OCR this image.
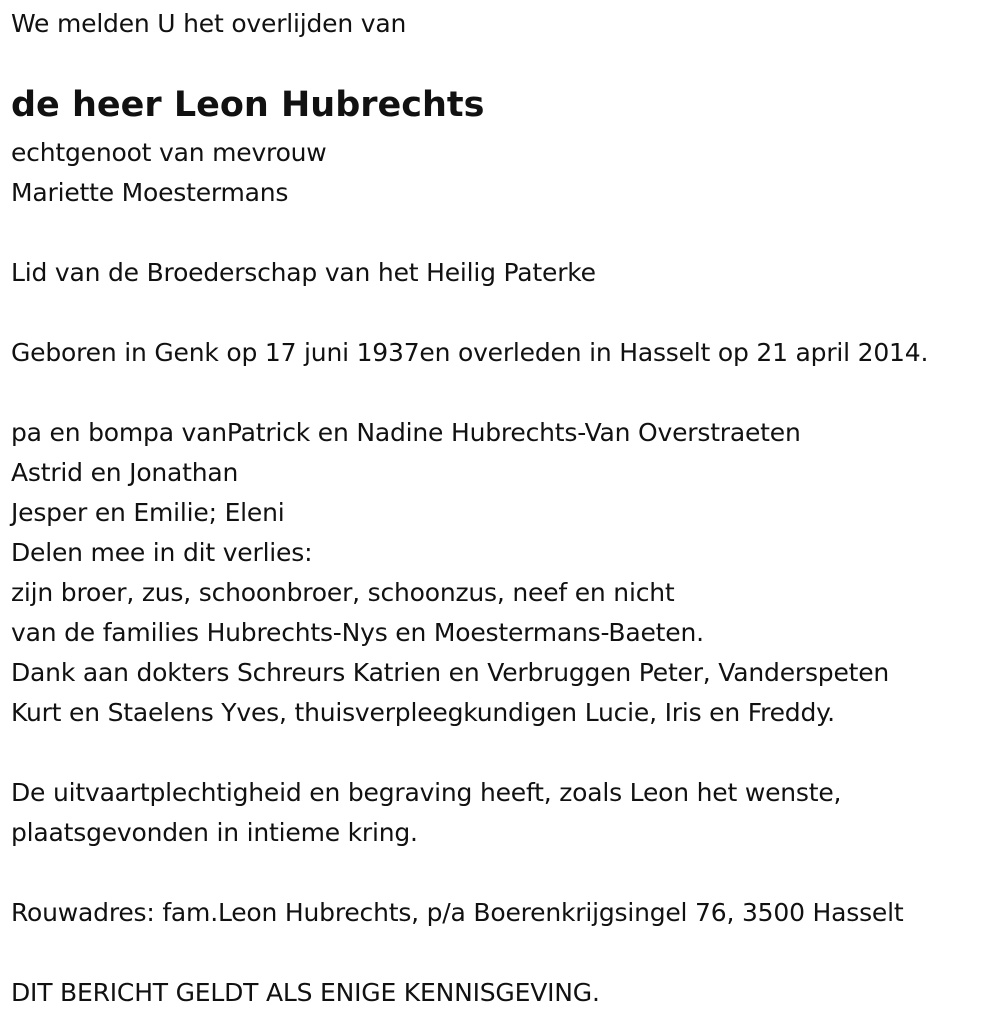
We melden U het overlijden van
de heer Leon Hubrechts
echtgenoot van mevrouw
Mariette Moestermans
Lid van de Broederschap van het Heilig Paterke
Geboren in Genk op 17 juni 1937en overleden in Hasselt op 21 april 2014.
pa en bompa vanPatrick en Nadine Hubrechts-Van Overstraeten
Astrid en Jonathan
Jesper en Emilie; Eleni
Delen mee in dit verlies:
zijn broer, zus, schoonbroer, schoonzus, neef en nicht
van de families Hubrechts-Nys en Moestermans-Baeten.
Dank aan dokters Schreurs Katrien en Verbruggen Peter, Vanderspeten
Kurt en Staelens Yves, thuisverpleegkundigen Lucie, Iris en Freddy.
De uitvaartplechtigheid en begraving heeft, zoals Leon het wenste,
plaatsgevonden in intieme kring.
Rouwadres: fam.Leon Hubrechts, p/a Boerenkrijgsingel 76, 3500 Hasselt
DIT BERICHT GELDT ALS ENIGE KENNISGEVING.
